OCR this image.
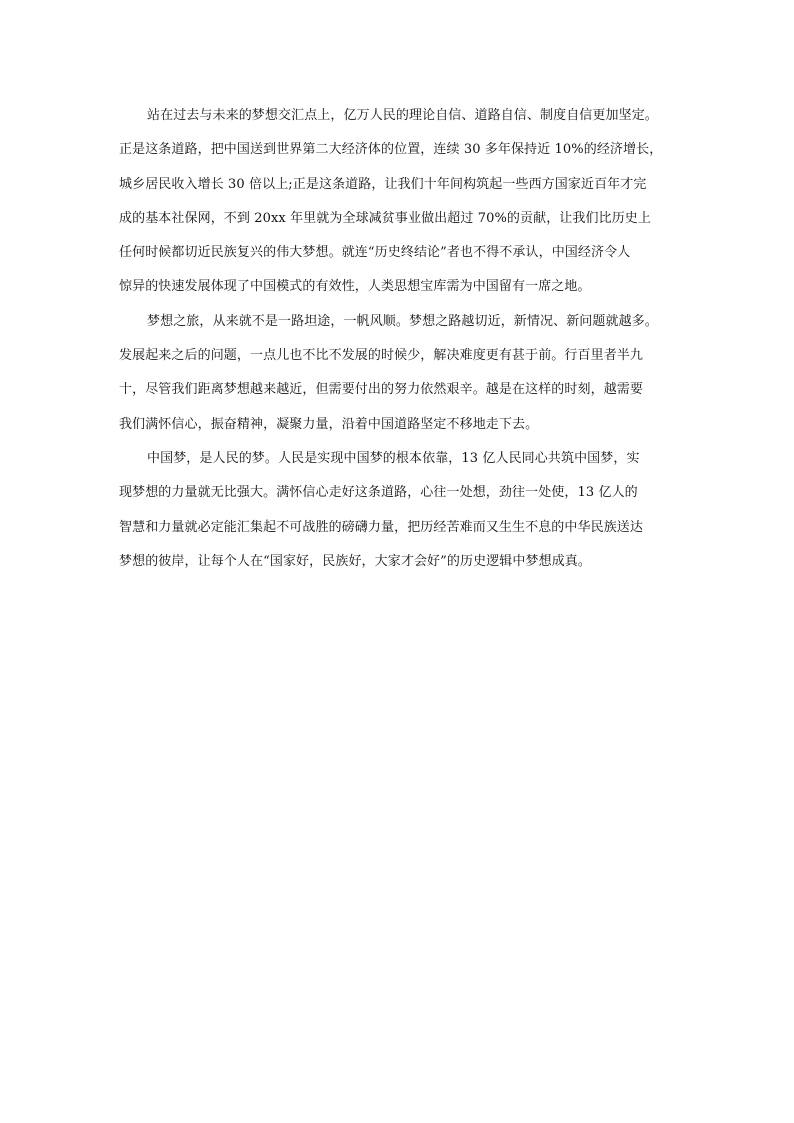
站在过去与未来的梦想交汇点上，亿万人民的理论自信、道路自信、制度自信更加坚定。
正是这条道路，把中国送到世界第二大经济体的位置，连续 30 多年保持近 10%的经济增长，
城乡居民收入增长 30 倍以上;正是这条道路，让我们十年间构筑起一些西方国家近百年才完
成的基本社保网，不到 20xx 年里就为全球减贫事业做出超过 70%的贡献，让我们比历史上
任何时候都切近民族复兴的伟大梦想。就连“历史终结论”者也不得不承认，中国经济令人
惊异的快速发展体现了中国模式的有效性，人类思想宝库需为中国留有一席之地。
梦想之旅，从来就不是一路坦途，一帆风顺。梦想之路越切近，新情况、新问题就越多。
发展起来之后的问题，一点儿也不比不发展的时候少，解决难度更有甚于前。行百里者半九
十，尽管我们距离梦想越来越近，但需要付出的努力依然艰辛。越是在这样的时刻，越需要
我们满怀信心，振奋精神，凝聚力量，沿着中国道路坚定不移地走下去。
中国梦，是人民的梦。人民是实现中国梦的根本依靠，13 亿人民同心共筑中国梦，实
现梦想的力量就无比强大。满怀信心走好这条道路，心往一处想，劲往一处使，13 亿人的
智慧和力量就必定能汇集起不可战胜的磅礴力量，把历经苦难而又生生不息的中华民族送达
梦想的彼岸，让每个人在“国家好，民族好，大家才会好”的历史逻辑中梦想成真。
